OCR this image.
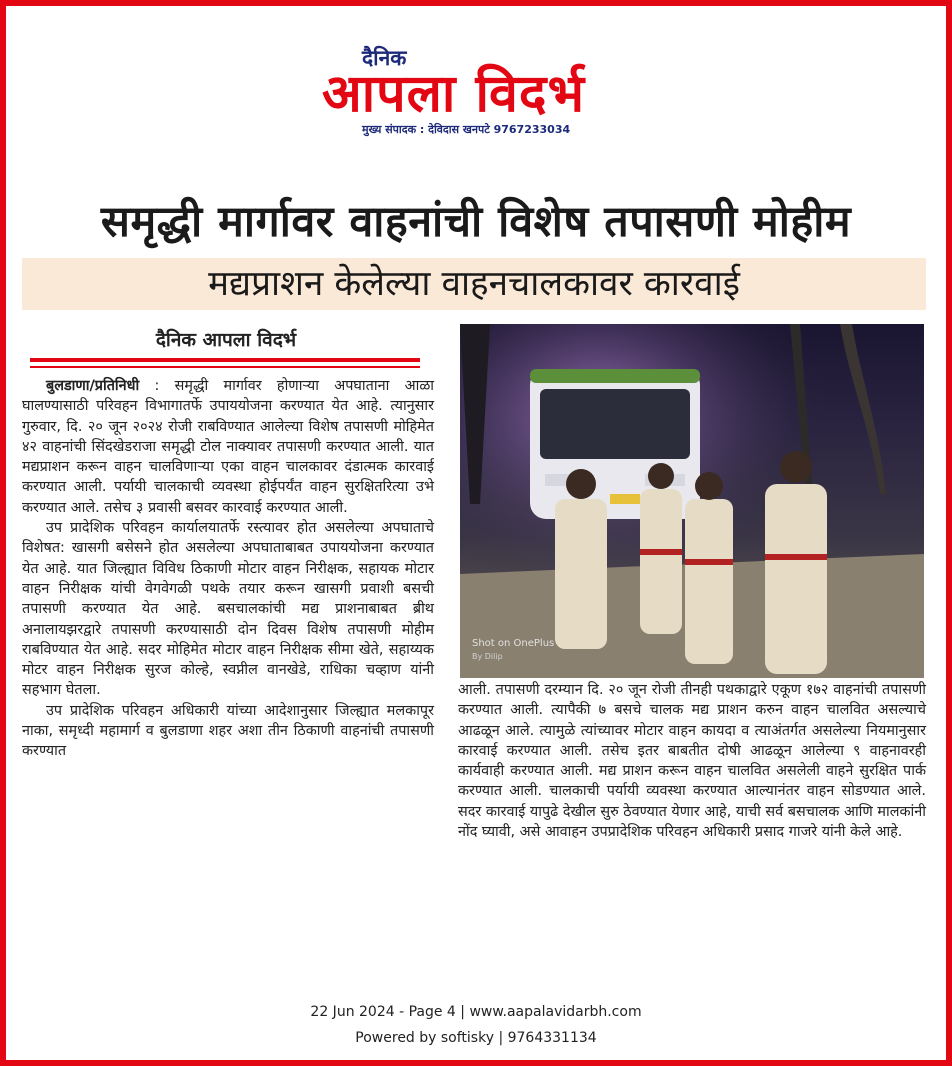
दैनिक
आपला विदर्भ
मुख्य संपादक : देविदास खनपटे 9767233034
समृद्धी मार्गावर वाहनांची विशेष तपासणी मोहीम
मद्यप्राशन केलेल्या वाहनचालकावर कारवाई
दैनिक आपला विदर्भ

बुलडाणा/प्रतिनिधी : समृद्धी मार्गावर होणाऱ्या अपघाताना आळा घालण्यासाठी परिवहन विभागातर्फे उपाययोजना करण्यात येत आहे. त्यानुसार गुरुवार, दि. २० जून २०२४ रोजी राबविण्यात आलेल्या विशेष तपासणी मोहिमेत ४२ वाहनांची सिंदखेडराजा समृद्धी टोल नाक्यावर तपासणी करण्यात आली. यात मद्यप्राशन करून वाहन चालविणाऱ्या एका वाहन चालकावर दंडात्मक कारवाई करण्यात आली. पर्यायी चालकाची व्यवस्था होईपर्यंत वाहन सुरक्षितरित्या उभे करण्यात आले. तसेच ३ प्रवासी बसवर कारवाई करण्यात आली.

उप प्रादेशिक परिवहन कार्यालयातर्फे रस्त्यावर होत असलेल्या अपघाताचे विशेषत: खासगी बसेसने होत असलेल्या अपघाताबाबत उपाययोजना करण्यात येत आहे. यात जिल्ह्यात विविध ठिकाणी मोटार वाहन निरीक्षक, सहायक मोटार वाहन निरीक्षक यांची वेगवेगळी पथके तयार करून खासगी प्रवाशी बसची तपासणी करण्यात येत आहे. बसचालकांची मद्य प्राशनाबाबत ब्रीथ अनालायझरद्वारे तपासणी करण्यासाठी दोन दिवस विशेष तपासणी मोहीम राबविण्यात येत आहे. सदर मोहिमेत मोटार वाहन निरीक्षक सीमा खेते, सहाय्यक मोटर वाहन निरीक्षक सुरज कोल्हे, स्वप्नील वानखेडे, राधिका चव्हाण यांनी सहभाग घेतला.

उप प्रादेशिक परिवहन अधिकारी यांच्या आदेशानुसार जिल्ह्यात मलकापूर नाका, समृध्दी महामार्ग व बुलडाणा शहर अशा तीन ठिकाणी वाहनांची तपासणी करण्यात

Shot on OnePlus
By Dilip

आली. तपासणी दरम्यान दि. २० जून रोजी तीनही पथकाद्वारे एकूण १७२ वाहनांची तपासणी करण्यात आली. त्यापैकी ७ बसचे चालक मद्य प्राशन करुन वाहन चालवित असल्याचे आढळून आले. त्यामुळे त्यांच्यावर मोटार वाहन कायदा व त्याअंतर्गत असलेल्या नियमानुसार कारवाई करण्यात आली. तसेच इतर बाबतीत दोषी आढळून आलेल्या ९ वाहनावरही कार्यवाही करण्यात आली. मद्य प्राशन करून वाहन चालवित असलेली वाहने सुरक्षित पार्क करण्यात आली. चालकाची पर्यायी व्यवस्था करण्यात आल्यानंतर वाहन सोडण्यात आले. सदर कारवाई यापुढे देखील सुरु ठेवण्यात येणार आहे, याची सर्व बसचालक आणि मालकांनी नोंद घ्यावी, असे आवाहन उपप्रादेशिक परिवहन अधिकारी प्रसाद गाजरे यांनी केले आहे.

22 Jun 2024 - Page 4 | www.aapalavidarbh.com
Powered by softisky | 9764331134
